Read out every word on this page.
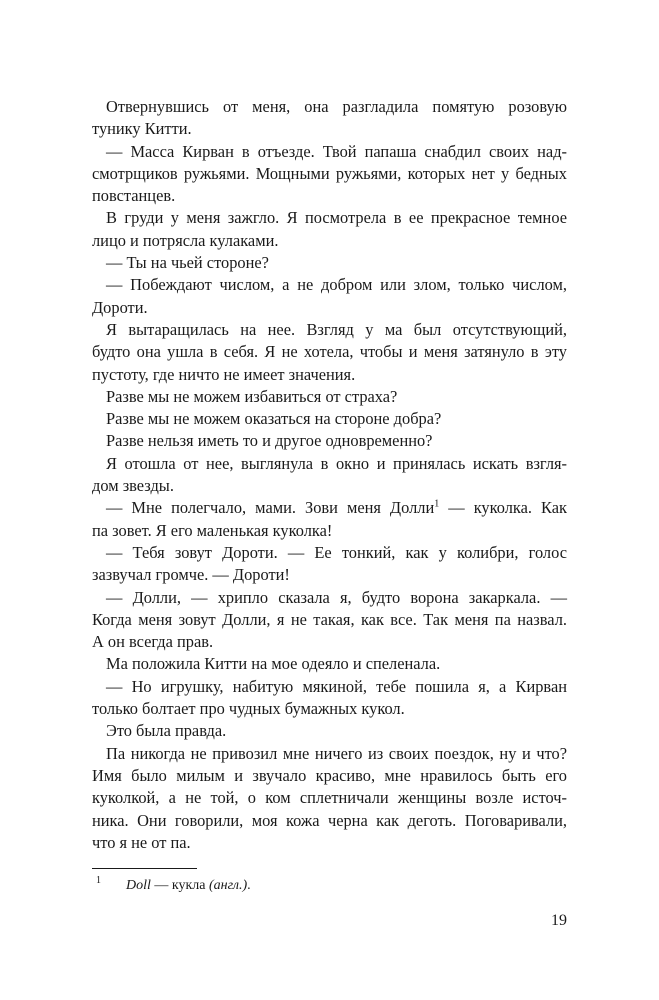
Отвернувшись от меня, она разгладила помятую розовую
тунику Китти.
— Масса Кирван в отъезде. Твой папаша снабдил своих над-
смотрщиков ружьями. Мощными ружьями, которых нет у бедных
повстанцев.
В груди у меня зажгло. Я посмотрела в ее прекрасное темное
лицо и потрясла кулаками.
— Ты на чьей стороне?
— Побеждают числом, а не добром или злом, только числом,
Дороти.
Я вытаращилась на нее. Взгляд у ма был отсутствующий,
будто она ушла в себя. Я не хотела, чтобы и меня затянуло в эту
пустоту, где ничто не имеет значения.
Разве мы не можем избавиться от страха?
Разве мы не можем оказаться на стороне добра?
Разве нельзя иметь то и другое одновременно?
Я отошла от нее, выглянула в окно и принялась искать взгля-
дом звезды.
— Мне полегчало, мами. Зови меня Долли$^1$ — куколка. Как
па зовет. Я его маленькая куколка!
— Тебя зовут Дороти. — Ее тонкий, как у колибри, голос
зазвучал громче. — Дороти!
— Долли, — хрипло сказала я, будто ворона закаркала. —
Когда меня зовут Долли, я не такая, как все. Так меня па назвал.
А он всегда прав.
Ма положила Китти на мое одеяло и спеленала.
— Но игрушку, набитую мякиной, тебе пошила я, а Кирван
только болтает про чудных бумажных кукол.
Это была правда.
Па никогда не привозил мне ничего из своих поездок, ну и что?
Имя было милым и звучало красиво, мне нравилось быть его
куколкой, а не той, о ком сплетничали женщины возле источ-
ника. Они говорили, моя кожа черна как деготь. Поговаривали,
что я не от па.
1 Doll — кукла (англ.).
19
